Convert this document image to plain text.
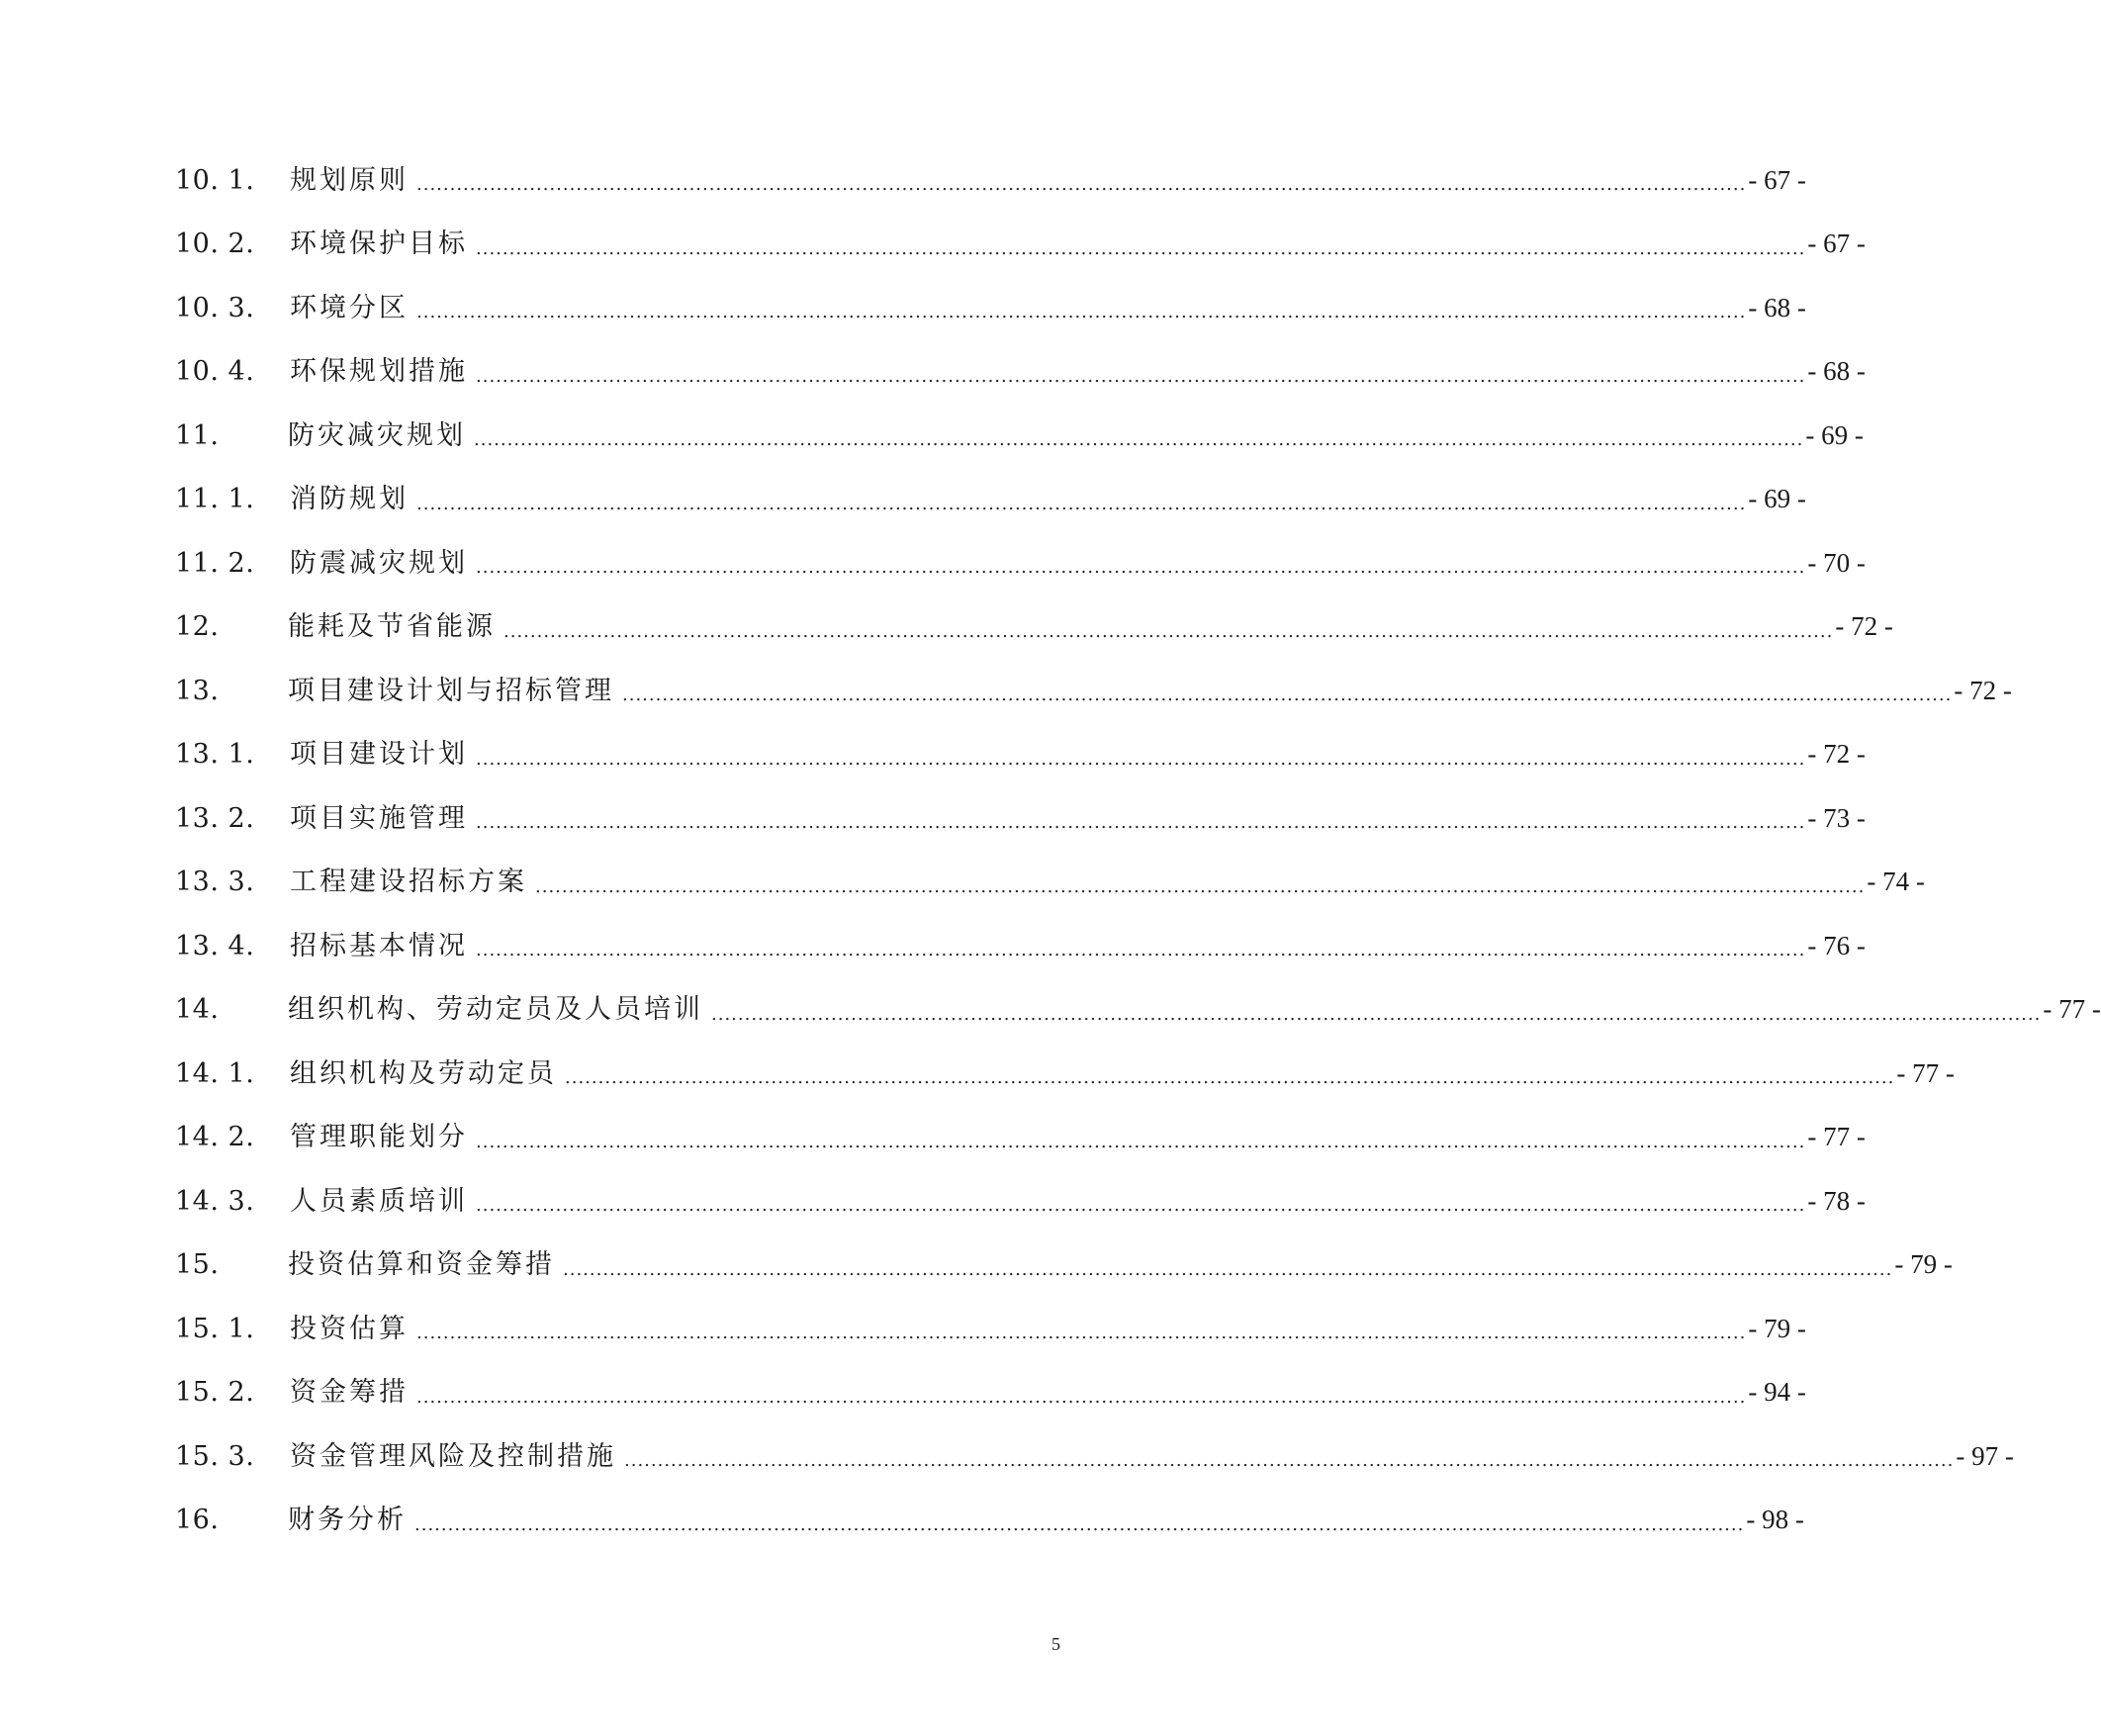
10. 1.	规划原则 ........................................................................................................................................................................................................ - 67 -
10. 2.	环境保护目标 ........................................................................................................................................................................................................ - 67 -
10. 3.	环境分区 ........................................................................................................................................................................................................ - 68 -
10. 4.	环保规划措施 ........................................................................................................................................................................................................ - 68 -
11.	防灾减灾规划 ........................................................................................................................................................................................................ - 69 -
11. 1.	消防规划 ........................................................................................................................................................................................................ - 69 -
11. 2.	防震减灾规划 ........................................................................................................................................................................................................ - 70 -
12.	能耗及节省能源 ........................................................................................................................................................................................................ - 72 -
13.	项目建设计划与招标管理 ........................................................................................................................................................................................................ - 72 -
13. 1.	项目建设计划 ........................................................................................................................................................................................................ - 72 -
13. 2.	项目实施管理 ........................................................................................................................................................................................................ - 73 -
13. 3.	工程建设招标方案 ........................................................................................................................................................................................................ - 74 -
13. 4.	招标基本情况 ........................................................................................................................................................................................................ - 76 -
14.	组织机构、劳动定员及人员培训 ........................................................................................................................................................................................................ - 77 -
14. 1.	组织机构及劳动定员 ........................................................................................................................................................................................................ - 77 -
14. 2.	管理职能划分 ........................................................................................................................................................................................................ - 77 -
14. 3.	人员素质培训 ........................................................................................................................................................................................................ - 78 -
15.	投资估算和资金筹措 ........................................................................................................................................................................................................ - 79 -
15. 1.	投资估算 ........................................................................................................................................................................................................ - 79 -
15. 2.	资金筹措 ........................................................................................................................................................................................................ - 94 -
15. 3.	资金管理风险及控制措施 ........................................................................................................................................................................................................ - 97 -
16.	财务分析 ........................................................................................................................................................................................................ - 98 -
5
